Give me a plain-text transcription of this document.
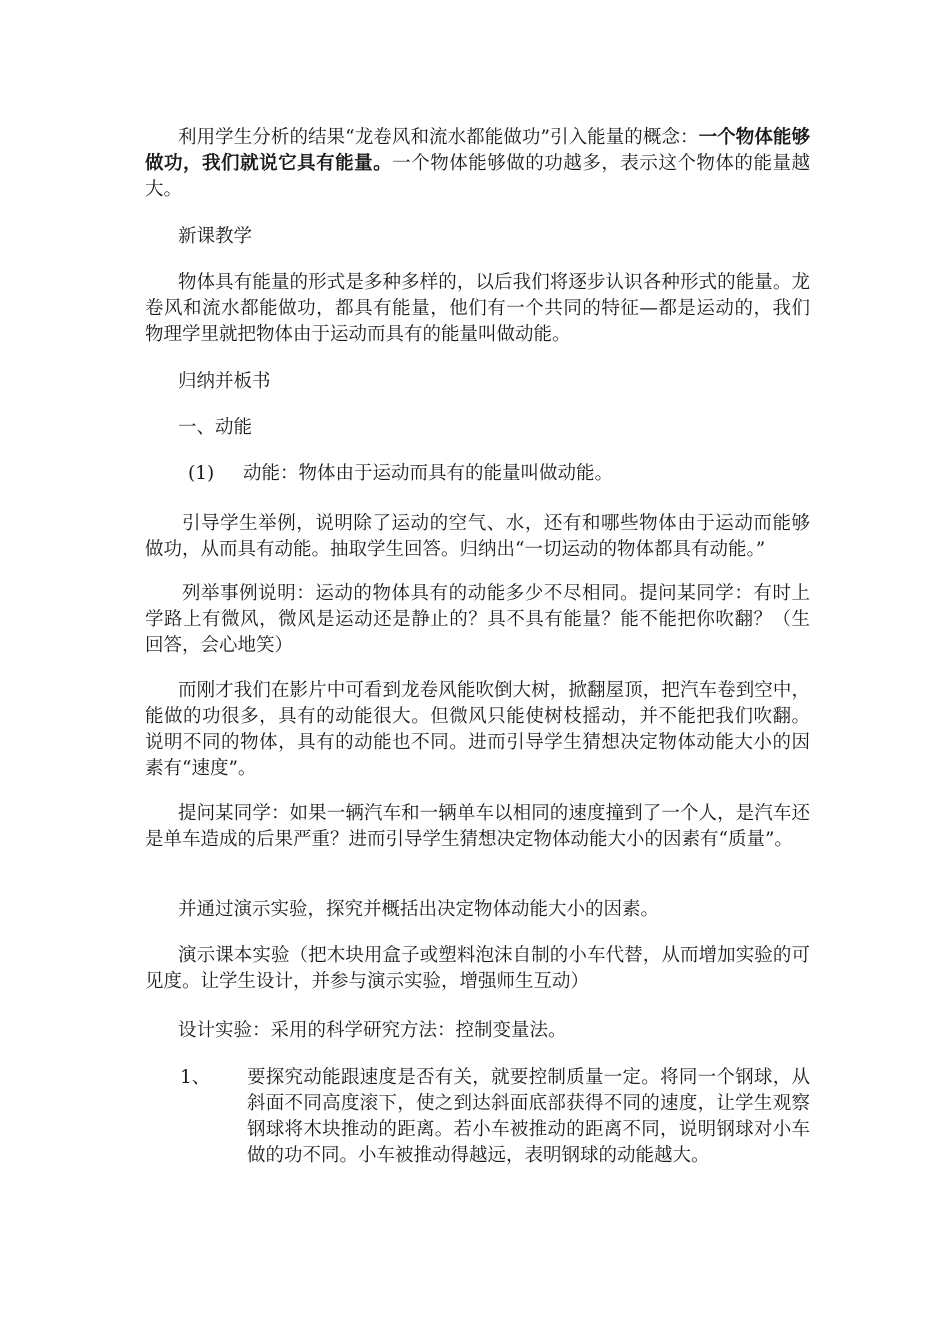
利用学生分析的结果“龙卷风和流水都能做功”引入能量的概念：一个物体能够做功，我们就说它具有能量。一个物体能够做的功越多，表示这个物体的能量越大。

新课教学

物体具有能量的形式是多种多样的，以后我们将逐步认识各种形式的能量。龙卷风和流水都能做功，都具有能量，他们有一个共同的特征—都是运动的，我们物理学里就把物体由于运动而具有的能量叫做动能。

归纳并板书

一、动能

(1) 动能：物体由于运动而具有的能量叫做动能。

引导学生举例，说明除了运动的空气、水，还有和哪些物体由于运动而能够做功，从而具有动能。抽取学生回答。归纳出“一切运动的物体都具有动能。”

列举事例说明：运动的物体具有的动能多少不尽相同。提问某同学：有时上学路上有微风，微风是运动还是静止的？具不具有能量？能不能把你吹翻？（生回答，会心地笑）

而刚才我们在影片中可看到龙卷风能吹倒大树，掀翻屋顶，把汽车卷到空中，能做的功很多，具有的动能很大。但微风只能使树枝摇动，并不能把我们吹翻。说明不同的物体，具有的动能也不同。进而引导学生猜想决定物体动能大小的因素有“速度”。

提问某同学：如果一辆汽车和一辆单车以相同的速度撞到了一个人，是汽车还是单车造成的后果严重？进而引导学生猜想决定物体动能大小的因素有“质量”。

并通过演示实验，探究并概括出决定物体动能大小的因素。

演示课本实验（把木块用盒子或塑料泡沫自制的小车代替，从而增加实验的可见度。让学生设计，并参与演示实验，增强师生互动）

设计实验：采用的科学研究方法：控制变量法。

1、 要探究动能跟速度是否有关，就要控制质量一定。将同一个钢球，从斜面不同高度滚下，使之到达斜面底部获得不同的速度，让学生观察钢球将木块推动的距离。若小车被推动的距离不同，说明钢球对小车做的功不同。小车被推动得越远，表明钢球的动能越大。
